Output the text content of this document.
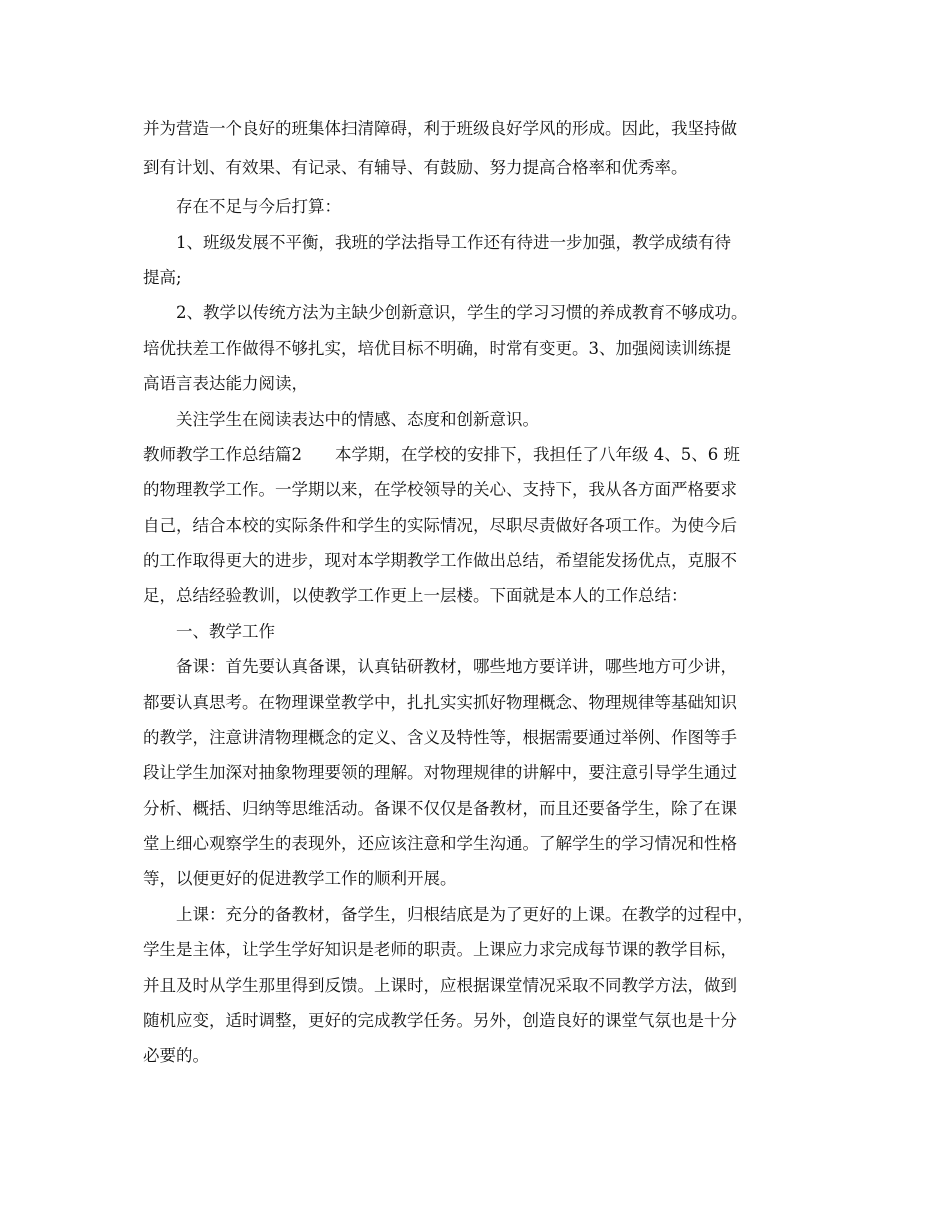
并为营造一个良好的班集体扫清障碍，利于班级良好学风的形成。因此，我坚持做

到有计划、有效果、有记录、有辅导、有鼓励、努力提高合格率和优秀率。

存在不足与今后打算：

1、班级发展不平衡，我班的学法指导工作还有待进一步加强，教学成绩有待

提高;

2、教学以传统方法为主缺少创新意识，学生的学习习惯的养成教育不够成功。

培优扶差工作做得不够扎实，培优目标不明确，时常有变更。3、加强阅读训练提

高语言表达能力阅读，

关注学生在阅读表达中的情感、态度和创新意识。

教师教学工作总结篇2　　本学期，在学校的安排下，我担任了八年级 4、5、6 班

的物理教学工作。一学期以来，在学校领导的关心、支持下，我从各方面严格要求

自己，结合本校的实际条件和学生的实际情况，尽职尽责做好各项工作。为使今后

的工作取得更大的进步，现对本学期教学工作做出总结，希望能发扬优点，克服不

足，总结经验教训，以使教学工作更上一层楼。下面就是本人的工作总结：

一、教学工作

备课：首先要认真备课，认真钻研教材，哪些地方要详讲，哪些地方可少讲，

都要认真思考。在物理课堂教学中，扎扎实实抓好物理概念、物理规律等基础知识

的教学，注意讲清物理概念的定义、含义及特性等，根据需要通过举例、作图等手

段让学生加深对抽象物理要领的理解。对物理规律的讲解中，要注意引导学生通过

分析、概括、归纳等思维活动。备课不仅仅是备教材，而且还要备学生，除了在课

堂上细心观察学生的表现外，还应该注意和学生沟通。了解学生的学习情况和性格

等，以便更好的促进教学工作的顺利开展。

上课：充分的备教材，备学生，归根结底是为了更好的上课。在教学的过程中，

学生是主体，让学生学好知识是老师的职责。上课应力求完成每节课的教学目标，

并且及时从学生那里得到反馈。上课时，应根据课堂情况采取不同教学方法，做到

随机应变，适时调整，更好的完成教学任务。另外，创造良好的课堂气氛也是十分

必要的。
